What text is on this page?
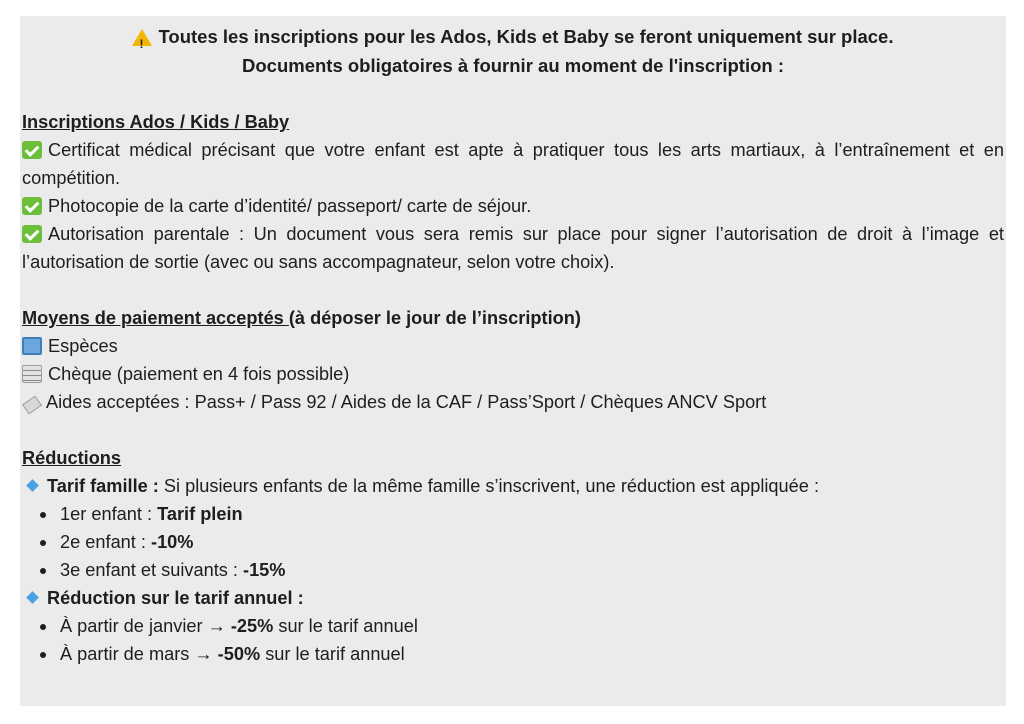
!Toutes les inscriptions pour les Ados, Kids et Baby se feront uniquement sur place.
Documents obligatoires à fournir au moment de l'inscription :
Inscriptions Ados / Kids / Baby
Certificat médical précisant que votre enfant est apte à pratiquer tous les arts martiaux, à l’entraînement et en compétition.
Photocopie de la carte d’identité/ passeport/ carte de séjour.
Autorisation parentale : Un document vous sera remis sur place pour signer l’autorisation de droit à l’image et l’autorisation de sortie (avec ou sans accompagnateur, selon votre choix).
Moyens de paiement acceptés (à déposer le jour de l’inscription)
Espèces
Chèque (paiement en 4 fois possible)
Aides acceptées : Pass+ / Pass 92 / Aides de la CAF / Pass’Sport / Chèques ANCV Sport
Réductions
Tarif famille : Si plusieurs enfants de la même famille s’inscrivent, une réduction est appliquée :
1er enfant : Tarif plein
2e enfant : -10%
3e enfant et suivants : -15%
Réduction sur le tarif annuel :
À partir de janvier → -25% sur le tarif annuel
À partir de mars → -50% sur le tarif annuel
